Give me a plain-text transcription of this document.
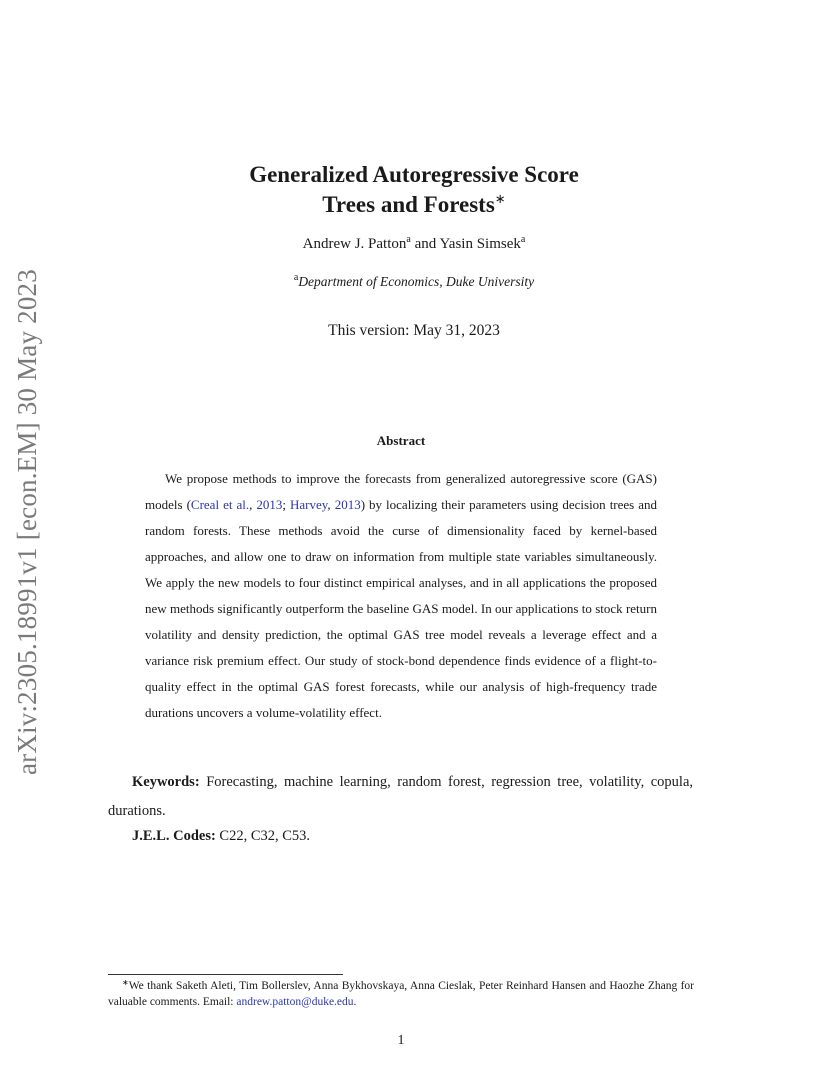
arXiv:2305.18991v1 [econ.EM] 30 May 2023
Generalized Autoregressive Score
Trees and Forests∗
Andrew J. Patton$^a$ and Yasin Simsek$^a$
$^a$Department of Economics, Duke University
This version: May 31, 2023
Abstract

We propose methods to improve the forecasts from generalized autoregressive score (GAS) models (Creal et al., 2013; Harvey, 2013) by localizing their parameters using decision trees and random forests. These methods avoid the curse of dimensionality faced by kernel-based approaches, and allow one to draw on information from multiple state variables simultaneously. We apply the new models to four distinct empirical analyses, and in all applications the proposed new methods significantly outperform the baseline GAS model. In our applications to stock return volatility and density prediction, the optimal GAS tree model reveals a leverage effect and a variance risk premium effect. Our study of stock-bond dependence finds evidence of a flight-to-quality effect in the optimal GAS forest forecasts, while our analysis of high-frequency trade durations uncovers a volume-volatility effect.

Keywords: Forecasting, machine learning, random forest, regression tree, volatility, copula, durations.

J.E.L. Codes: C22, C32, C53.

∗We thank Saketh Aleti, Tim Bollerslev, Anna Bykhovskaya, Anna Cieslak, Peter Reinhard Hansen and Haozhe Zhang for valuable comments. Email: andrew.patton@duke.edu.

1
